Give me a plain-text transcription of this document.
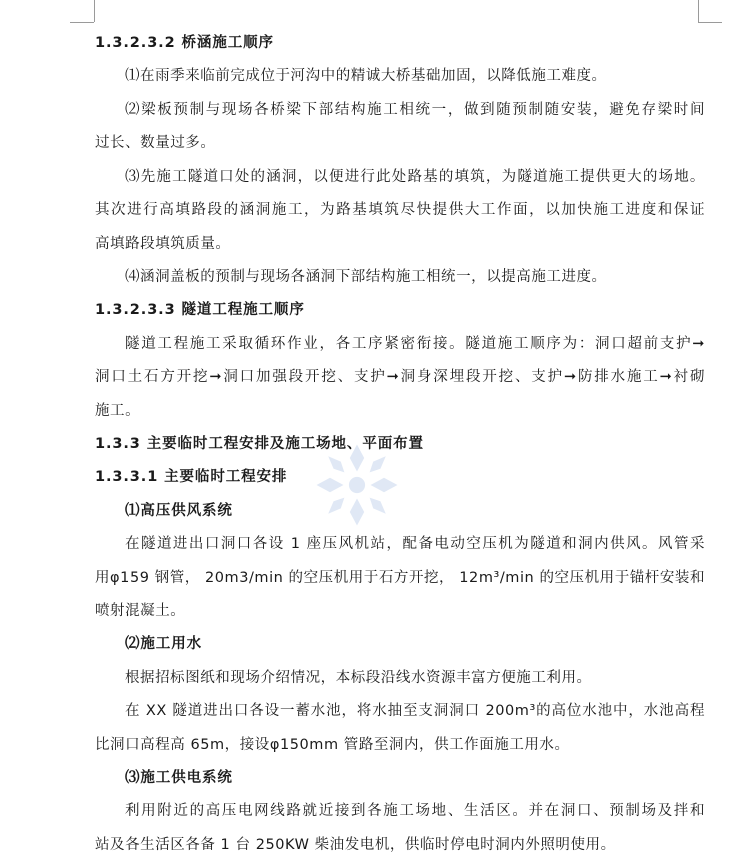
1.3.2.3.2 桥涵施工顺序
⑴在雨季来临前完成位于河沟中的精诚大桥基础加固，以降低施工难度。
⑵梁板预制与现场各桥梁下部结构施工相统一，做到随预制随安装，避免存梁时间
过长、数量过多。
⑶先施工隧道口处的涵洞，以便进行此处路基的填筑，为隧道施工提供更大的场地。
其次进行高填路段的涵洞施工，为路基填筑尽快提供大工作面，以加快施工进度和保证
高填路段填筑质量。
⑷涵洞盖板的预制与现场各涵洞下部结构施工相统一，以提高施工进度。
1.3.2.3.3 隧道工程施工顺序
隧道工程施工采取循环作业，各工序紧密衔接。隧道施工顺序为：洞口超前支护➞
洞口土石方开挖➞洞口加强段开挖、支护➞洞身深埋段开挖、支护➞防排水施工➞衬砌
施工。
1.3.3 主要临时工程安排及施工场地、平面布置
1.3.3.1 主要临时工程安排
⑴高压供风系统
在隧道进出口洞口各设 1 座压风机站，配备电动空压机为隧道和洞内供风。风管采
用φ159 钢管， 20m3/min 的空压机用于石方开挖， 12m³/min 的空压机用于锚杆安装和
喷射混凝土。
⑵施工用水
根据招标图纸和现场介绍情况，本标段沿线水资源丰富方便施工利用。
在 XX 隧道进出口各设一蓄水池，将水抽至支洞洞口 200m³的高位水池中，水池高程
比洞口高程高 65m，接设φ150mm 管路至洞内，供工作面施工用水。
⑶施工供电系统
利用附近的高压电网线路就近接到各施工场地、生活区。并在洞口、预制场及拌和
站及各生活区各备 1 台 250KW 柴油发电机，供临时停电时洞内外照明使用。
